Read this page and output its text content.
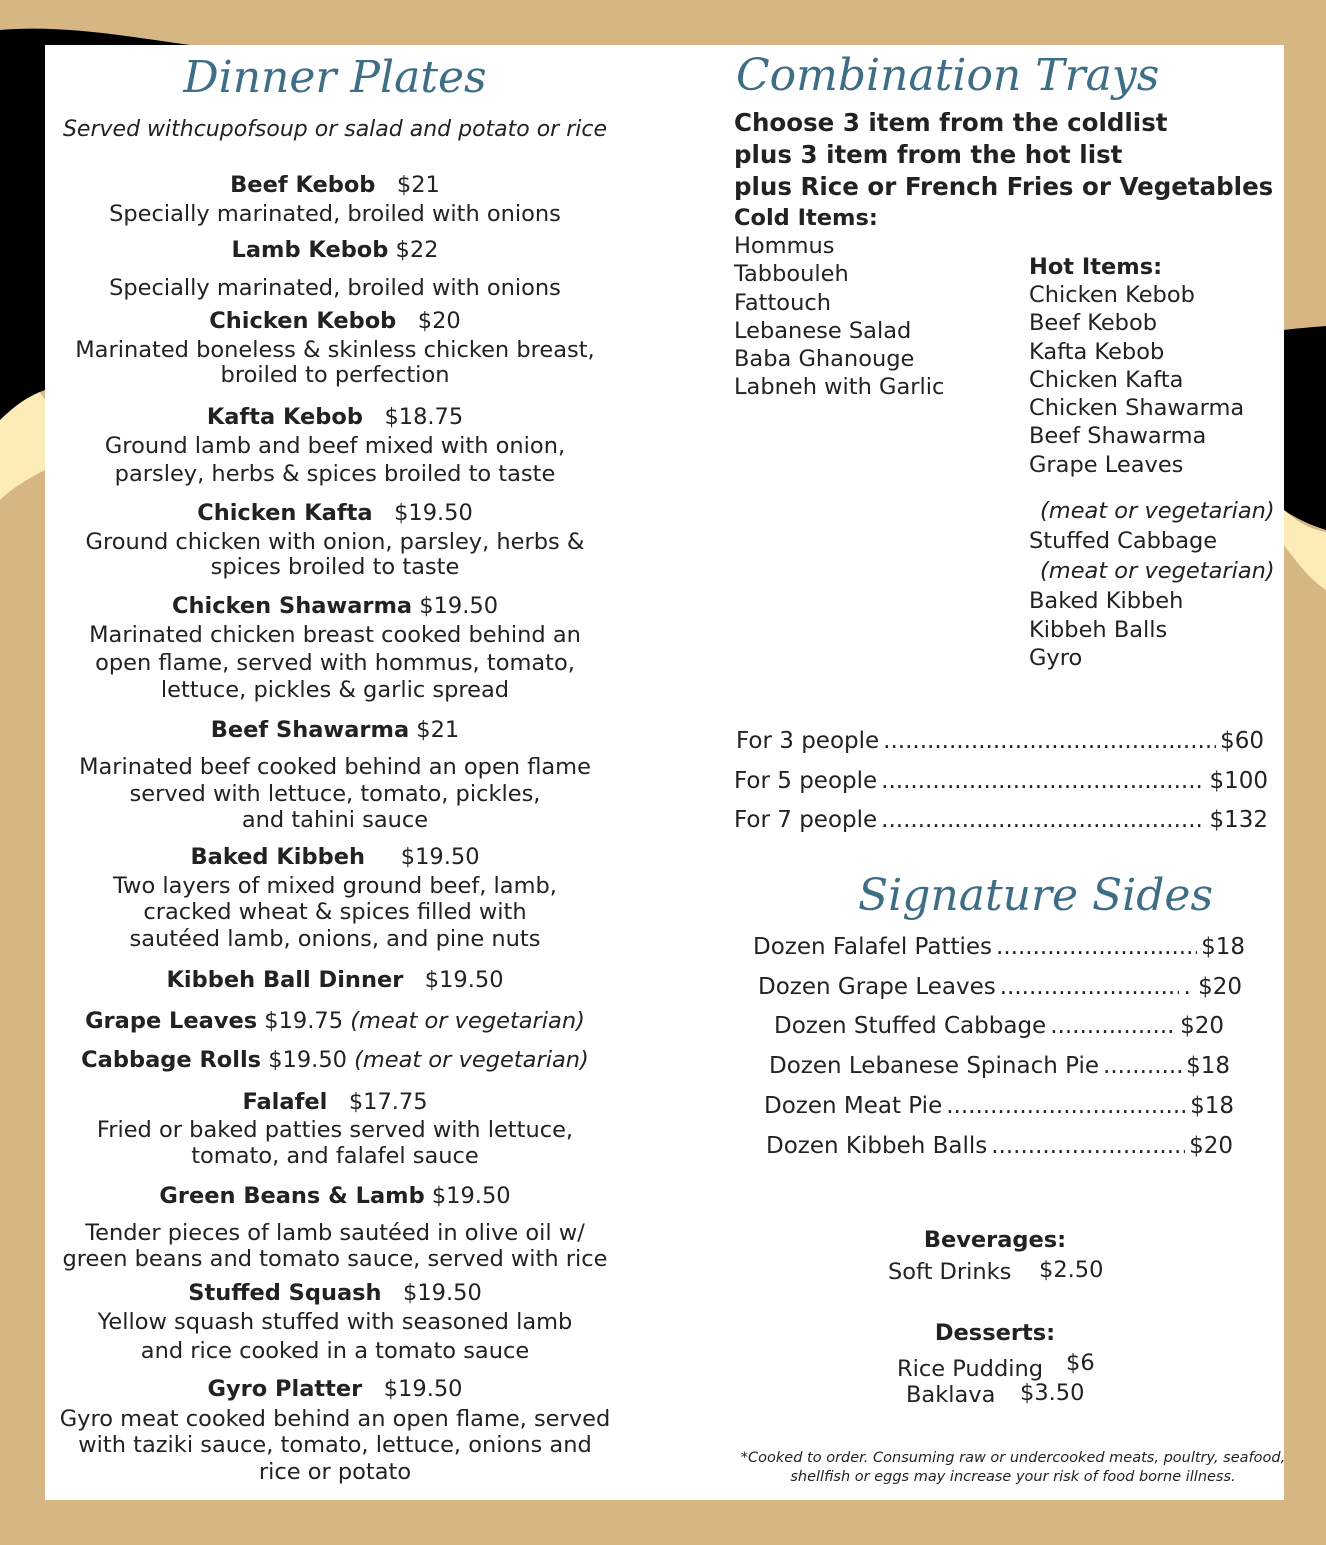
Dinner Plates
Served withcupofsoup or salad and potato or rice
Beef Kebob $21
Specially marinated, broiled with onions
Lamb Kebob $22
Specially marinated, broiled with onions
Chicken Kebob $20
Marinated boneless & skinless chicken breast,
broiled to perfection
Kafta Kebob $18.75
Ground lamb and beef mixed with onion,
parsley, herbs & spices broiled to taste
Chicken Kafta $19.50
Ground chicken with onion, parsley, herbs &
spices broiled to taste
Chicken Shawarma $19.50
Marinated chicken breast cooked behind an
open flame, served with hommus, tomato,
lettuce, pickles & garlic spread
Beef Shawarma $21
Marinated beef cooked behind an open flame
served with lettuce, tomato, pickles,
and tahini sauce
Baked Kibbeh $19.50
Two layers of mixed ground beef, lamb,
cracked wheat & spices filled with
sautéed lamb, onions, and pine nuts
Kibbeh Ball Dinner $19.50
Grape Leaves $19.75 (meat or vegetarian)
Cabbage Rolls $19.50 (meat or vegetarian)
Falafel $17.75
Fried or baked patties served with lettuce,
tomato, and falafel sauce
Green Beans & Lamb $19.50
Tender pieces of lamb sautéed in olive oil w/
green beans and tomato sauce, served with rice
Stuffed Squash $19.50
Yellow squash stuffed with seasoned lamb
and rice cooked in a tomato sauce
Gyro Platter $19.50
Gyro meat cooked behind an open flame, served
with taziki sauce, tomato, lettuce, onions and
rice or potato
Combination Trays
Choose 3 item from the coldlist
plus 3 item from the hot list
plus Rice or French Fries or Vegetables
Cold Items:
Hommus
Tabbouleh
Fattouch
Lebanese Salad
Baba Ghanouge
Labneh with Garlic
Hot Items:
Chicken Kebob
Beef Kebob
Kafta Kebob
Chicken Kafta
Chicken Shawarma
Beef Shawarma
Grape Leaves
(meat or vegetarian)
Stuffed Cabbage
(meat or vegetarian)
Baked Kibbeh
Kibbeh Balls
Gyro
For 3 people .....	$60
For 5 people .....	$100
For 7 people .....	$132
Signature Sides
Dozen Falafel Patties .....	$18
Dozen Grape Leaves .....	. $20
Dozen Stuffed Cabbage .....	$20
Dozen Lebanese Spinach Pie .....	$18
Dozen Meat Pie .....	$18
Dozen Kibbeh Balls .....	$20
Beverages:
Soft Drinks $2.50
Desserts:
Rice Pudding $6
Baklava $3.50
*Cooked to order. Consuming raw or undercooked meats, poultry, seafood,
shellfish or eggs may increase your risk of food borne illness.
